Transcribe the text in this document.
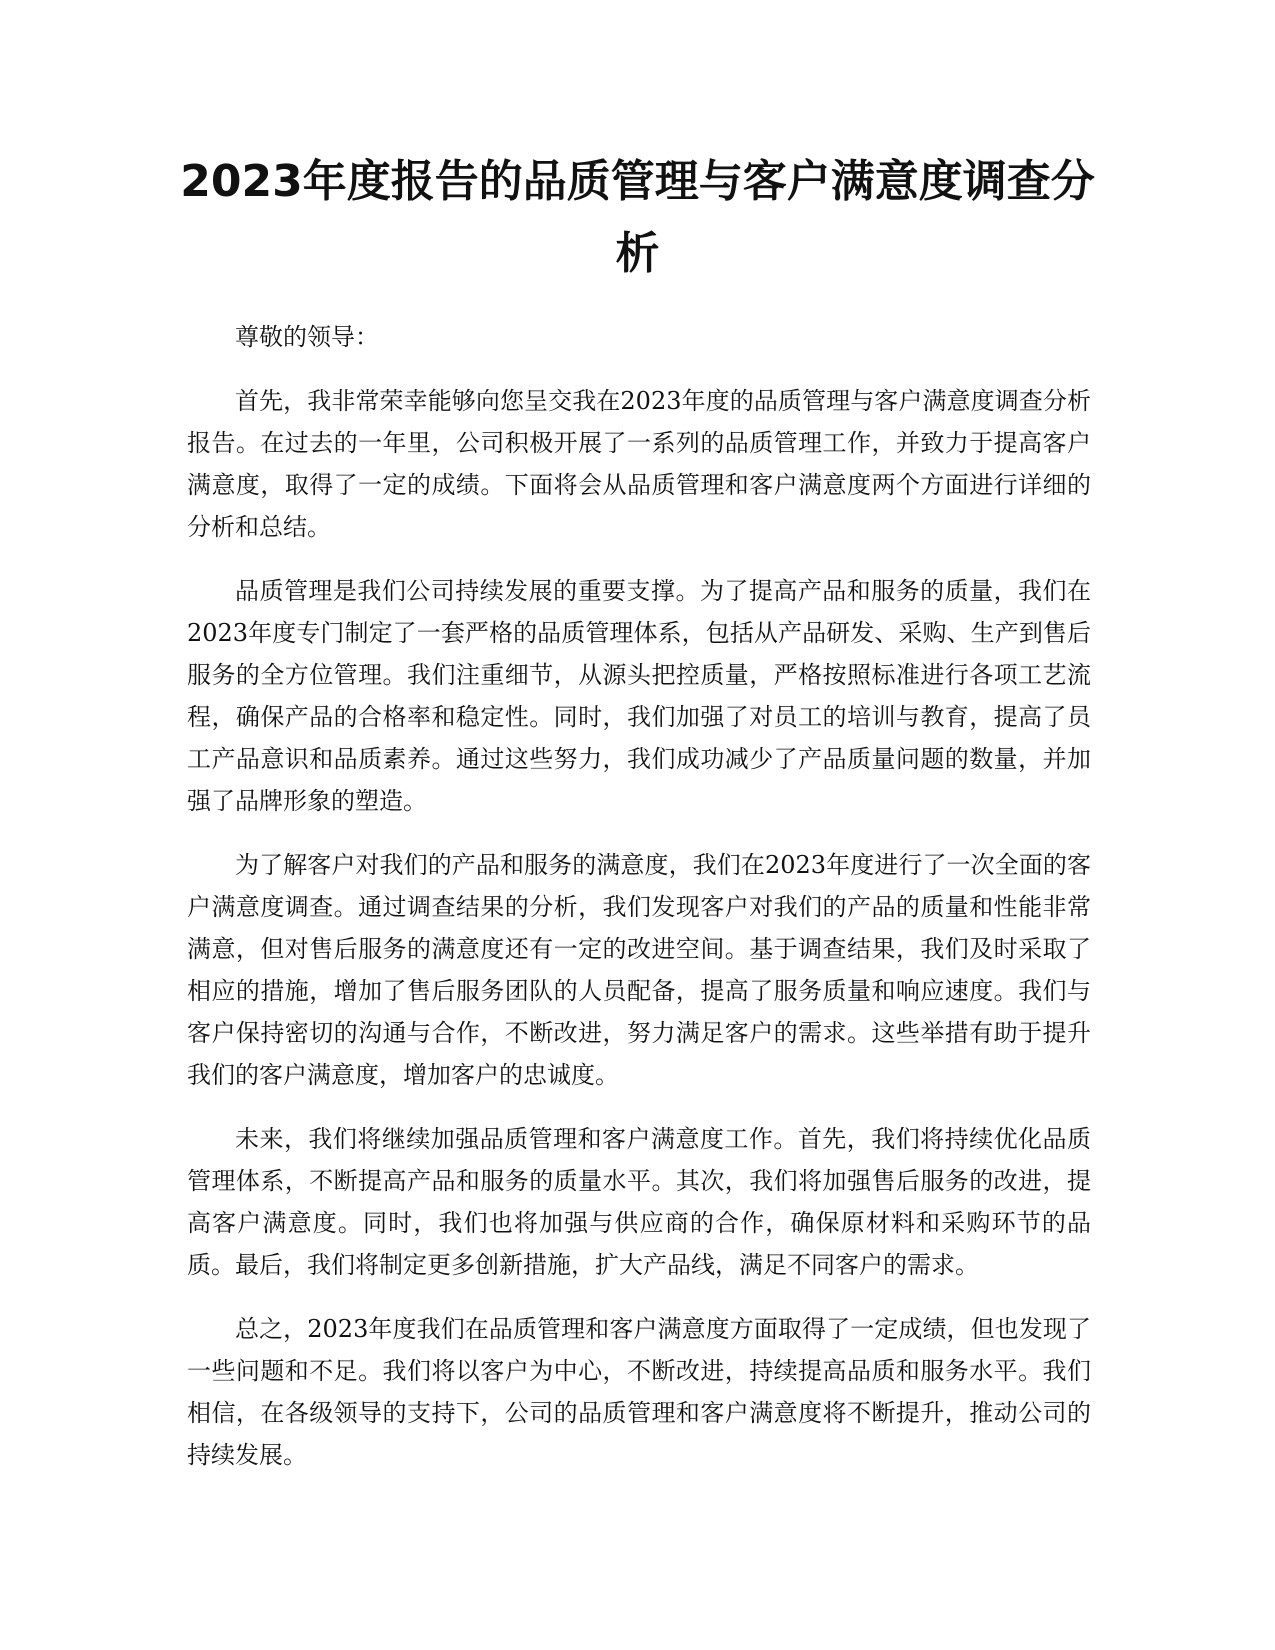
2023年度报告的品质管理与客户满意度调查分析

尊敬的领导：

首先，我非常荣幸能够向您呈交我在2023年度的品质管理与客户满意度调查分析报告。在过去的一年里，公司积极开展了一系列的品质管理工作，并致力于提高客户满意度，取得了一定的成绩。下面将会从品质管理和客户满意度两个方面进行详细的分析和总结。

品质管理是我们公司持续发展的重要支撑。为了提高产品和服务的质量，我们在2023年度专门制定了一套严格的品质管理体系，包括从产品研发、采购、生产到售后服务的全方位管理。我们注重细节，从源头把控质量，严格按照标准进行各项工艺流程，确保产品的合格率和稳定性。同时，我们加强了对员工的培训与教育，提高了员工产品意识和品质素养。通过这些努力，我们成功减少了产品质量问题的数量，并加强了品牌形象的塑造。

为了解客户对我们的产品和服务的满意度，我们在2023年度进行了一次全面的客户满意度调查。通过调查结果的分析，我们发现客户对我们的产品的质量和性能非常满意，但对售后服务的满意度还有一定的改进空间。基于调查结果，我们及时采取了相应的措施，增加了售后服务团队的人员配备，提高了服务质量和响应速度。我们与客户保持密切的沟通与合作，不断改进，努力满足客户的需求。这些举措有助于提升我们的客户满意度，增加客户的忠诚度。

未来，我们将继续加强品质管理和客户满意度工作。首先，我们将持续优化品质管理体系，不断提高产品和服务的质量水平。其次，我们将加强售后服务的改进，提高客户满意度。同时，我们也将加强与供应商的合作，确保原材料和采购环节的品质。最后，我们将制定更多创新措施，扩大产品线，满足不同客户的需求。

总之，2023年度我们在品质管理和客户满意度方面取得了一定成绩，但也发现了一些问题和不足。我们将以客户为中心，不断改进，持续提高品质和服务水平。我们相信，在各级领导的支持下，公司的品质管理和客户满意度将不断提升，推动公司的持续发展。
